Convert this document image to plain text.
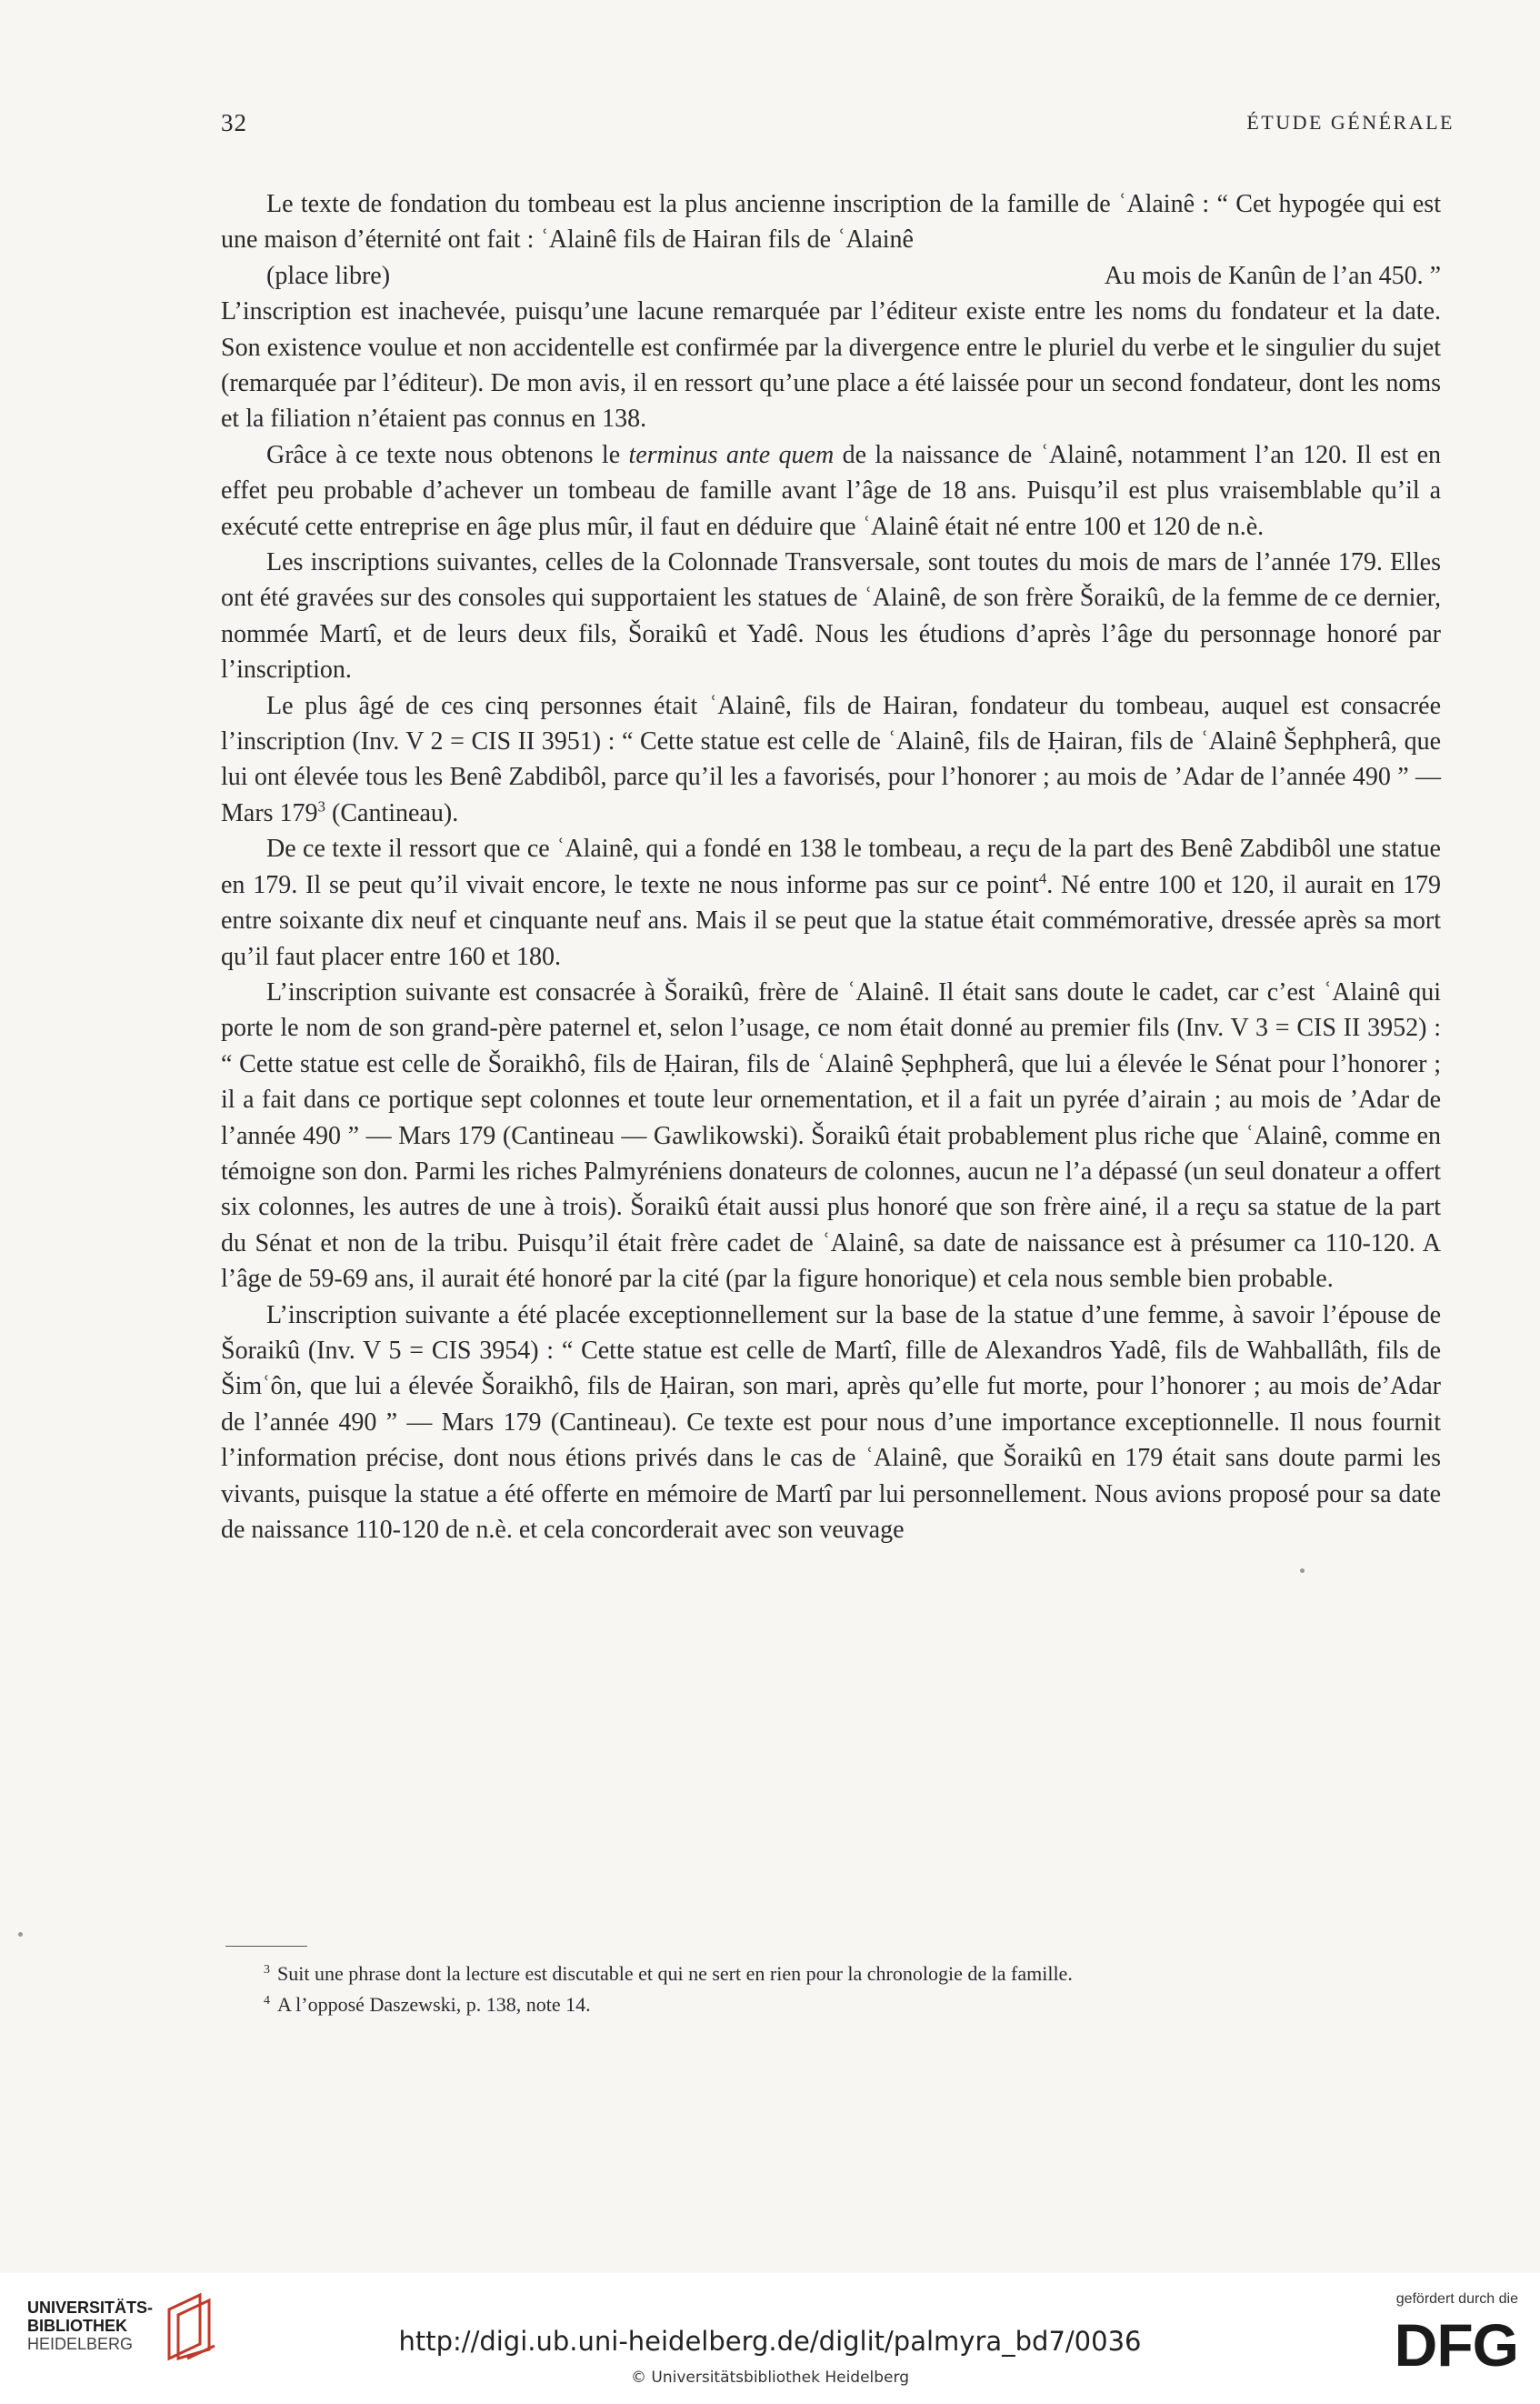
32	ÉTUDE GÉNÉRALE

Le texte de fondation du tombeau est la plus ancienne inscription de la famille de ʿAlainê : “ Cet hypogée qui est une maison d’éternité ont fait : ʿAlainê fils de Hairan fils de ʿAlainê

(place libre)	Au mois de Kanûn de l’an 450. ”

L’inscription est inachevée, puisqu’une lacune remarquée par l’éditeur existe entre les noms du fondateur et la date. Son existence voulue et non accidentelle est confirmée par la divergence entre le pluriel du verbe et le singulier du sujet (remarquée par l’éditeur). De mon avis, il en ressort qu’une place a été laissée pour un second fondateur, dont les noms et la filiation n’étaient pas connus en 138.

Grâce à ce texte nous obtenons le terminus ante quem de la naissance de ʿAlainê, notamment l’an 120. Il est en effet peu probable d’achever un tombeau de famille avant l’âge de 18 ans. Puisqu’il est plus vraisemblable qu’il a exécuté cette entreprise en âge plus mûr, il faut en déduire que ʿAlainê était né entre 100 et 120 de n.è.

Les inscriptions suivantes, celles de la Colonnade Transversale, sont toutes du mois de mars de l’année 179. Elles ont été gravées sur des consoles qui supportaient les statues de ʿAlainê, de son frère Šoraikû, de la femme de ce dernier, nommée Martî, et de leurs deux fils, Šoraikû et Yadê. Nous les étudions d’après l’âge du personnage honoré par l’inscription.

Le plus âgé de ces cinq personnes était ʿAlainê, fils de Hairan, fondateur du tombeau, auquel est consacrée l’inscription (Inv. V 2 = CIS II 3951) : “ Cette statue est celle de ʿAlainê, fils de Ḥairan, fils de ʿAlainê Šephpherâ, que lui ont élevée tous les Benê Zabdibôl, parce qu’il les a favorisés, pour l’honorer ; au mois de ’Adar de l’année 490 ” — Mars $179^3$ (Cantineau).

De ce texte il ressort que ce ʿAlainê, qui a fondé en 138 le tombeau, a reçu de la part des Benê Zabdibôl une statue en 179. Il se peut qu’il vivait encore, le texte ne nous informe pas sur ce point$^4$. Né entre 100 et 120, il aurait en 179 entre soixante dix neuf et cinquante neuf ans. Mais il se peut que la statue était commémorative, dressée après sa mort qu’il faut placer entre 160 et 180.

L’inscription suivante est consacrée à Šoraikû, frère de ʿAlainê. Il était sans doute le cadet, car c’est ʿAlainê qui porte le nom de son grand-père paternel et, selon l’usage, ce nom était donné au premier fils (Inv. V 3 = CIS II 3952) : “ Cette statue est celle de Šoraikhô, fils de Ḥairan, fils de ʿAlainê Ṣephpherâ, que lui a élevée le Sénat pour l’honorer ; il a fait dans ce portique sept colonnes et toute leur ornementation, et il a fait un pyrée d’airain ; au mois de ’Adar de l’année 490 ” — Mars 179 (Cantineau — Gawlikowski). Šoraikû était probablement plus riche que ʿAlainê, comme en témoigne son don. Parmi les riches Palmyréniens donateurs de colonnes, aucun ne l’a dépassé (un seul donateur a offert six colonnes, les autres de une à trois). Šoraikû était aussi plus honoré que son frère ainé, il a reçu sa statue de la part du Sénat et non de la tribu. Puisqu’il était frère cadet de ʿAlainê, sa date de naissance est à présumer ca 110-120. A l’âge de 59-69 ans, il aurait été honoré par la cité (par la figure honorique) et cela nous semble bien probable.

L’inscription suivante a été placée exceptionnellement sur la base de la statue d’une femme, à savoir l’épouse de Šoraikû (Inv. V 5 = CIS 3954) : “ Cette statue est celle de Martî, fille de Alexandros Yadê, fils de Wahballâth, fils de Šimʿôn, que lui a élevée Šoraikhô, fils de Ḥairan, son mari, après qu’elle fut morte, pour l’honorer ; au mois de’Adar de l’année 490 ” — Mars 179 (Cantineau). Ce texte est pour nous d’une importance exceptionnelle. Il nous fournit l’information précise, dont nous étions privés dans le cas de ʿAlainê, que Šoraikû en 179 était sans doute parmi les vivants, puisque la statue a été offerte en mémoire de Martî par lui personnellement. Nous avions proposé pour sa date de naissance 110-120 de n.è. et cela concorderait avec son veuvage

$^3$ Suit une phrase dont la lecture est discutable et qui ne sert en rien pour la chronologie de la famille.

$^4$ A l’opposé Daszewski, p. 138, note 14.

UNIVERSITÄTS-
BIBLIOTHEK
HEIDELBERG	http://digi.ub.uni-heidelberg.de/diglit/palmyra_bd7/0036
© Universitätsbibliothek Heidelberg
gefördert durch die
DFG
